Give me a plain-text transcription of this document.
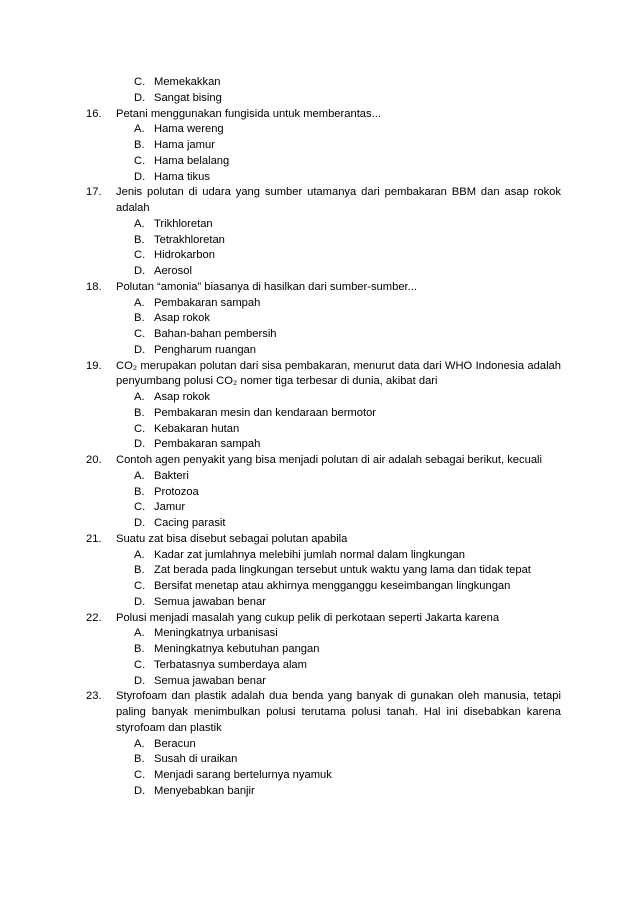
C. Memekakkan
D. Sangat bising
16.	Petani menggunakan fungisida untuk memberantas...
A. Hama wereng
B. Hama jamur
C. Hama belalang
D. Hama tikus
17.	Jenis polutan di udara yang sumber utamanya dari pembakaran BBM dan asap rokok adalah
A. Trikhloretan
B. Tetrakhloretan
C. Hidrokarbon
D. Aerosol
18.	Polutan “amonia” biasanya di hasilkan dari sumber-sumber...
A. Pembakaran sampah
B. Asap rokok
C. Bahan-bahan pembersih
D. Pengharum ruangan
19.	CO₂ merupakan polutan dari sisa pembakaran, menurut data dari WHO Indonesia adalah penyumbang polusi CO₂ nomer tiga terbesar di dunia, akibat dari
A. Asap rokok
B. Pembakaran mesin dan kendaraan bermotor
C. Kebakaran hutan
D. Pembakaran sampah
20.	Contoh agen penyakit yang bisa menjadi polutan di air adalah sebagai berikut, kecuali
A. Bakteri
B. Protozoa
C. Jamur
D. Cacing parasit
21.	Suatu zat bisa disebut sebagai polutan apabila
A. Kadar zat jumlahnya melebihi jumlah normal dalam lingkungan
B. Zat berada pada lingkungan tersebut untuk waktu yang lama dan tidak tepat
C. Bersifat menetap atau akhirnya mengganggu keseimbangan lingkungan
D. Semua jawaban benar
22.	Polusi menjadi masalah yang cukup pelik di perkotaan seperti Jakarta karena
A. Meningkatnya urbanisasi
B. Meningkatnya kebutuhan pangan
C. Terbatasnya sumberdaya alam
D. Semua jawaban benar
23.	Styrofoam dan plastik adalah dua benda yang banyak di gunakan oleh manusia, tetapi paling banyak menimbulkan polusi terutama polusi tanah. Hal ini disebabkan karena styrofoam dan plastik
A. Beracun
B. Susah di uraikan
C. Menjadi sarang bertelurnya nyamuk
D. Menyebabkan banjir
